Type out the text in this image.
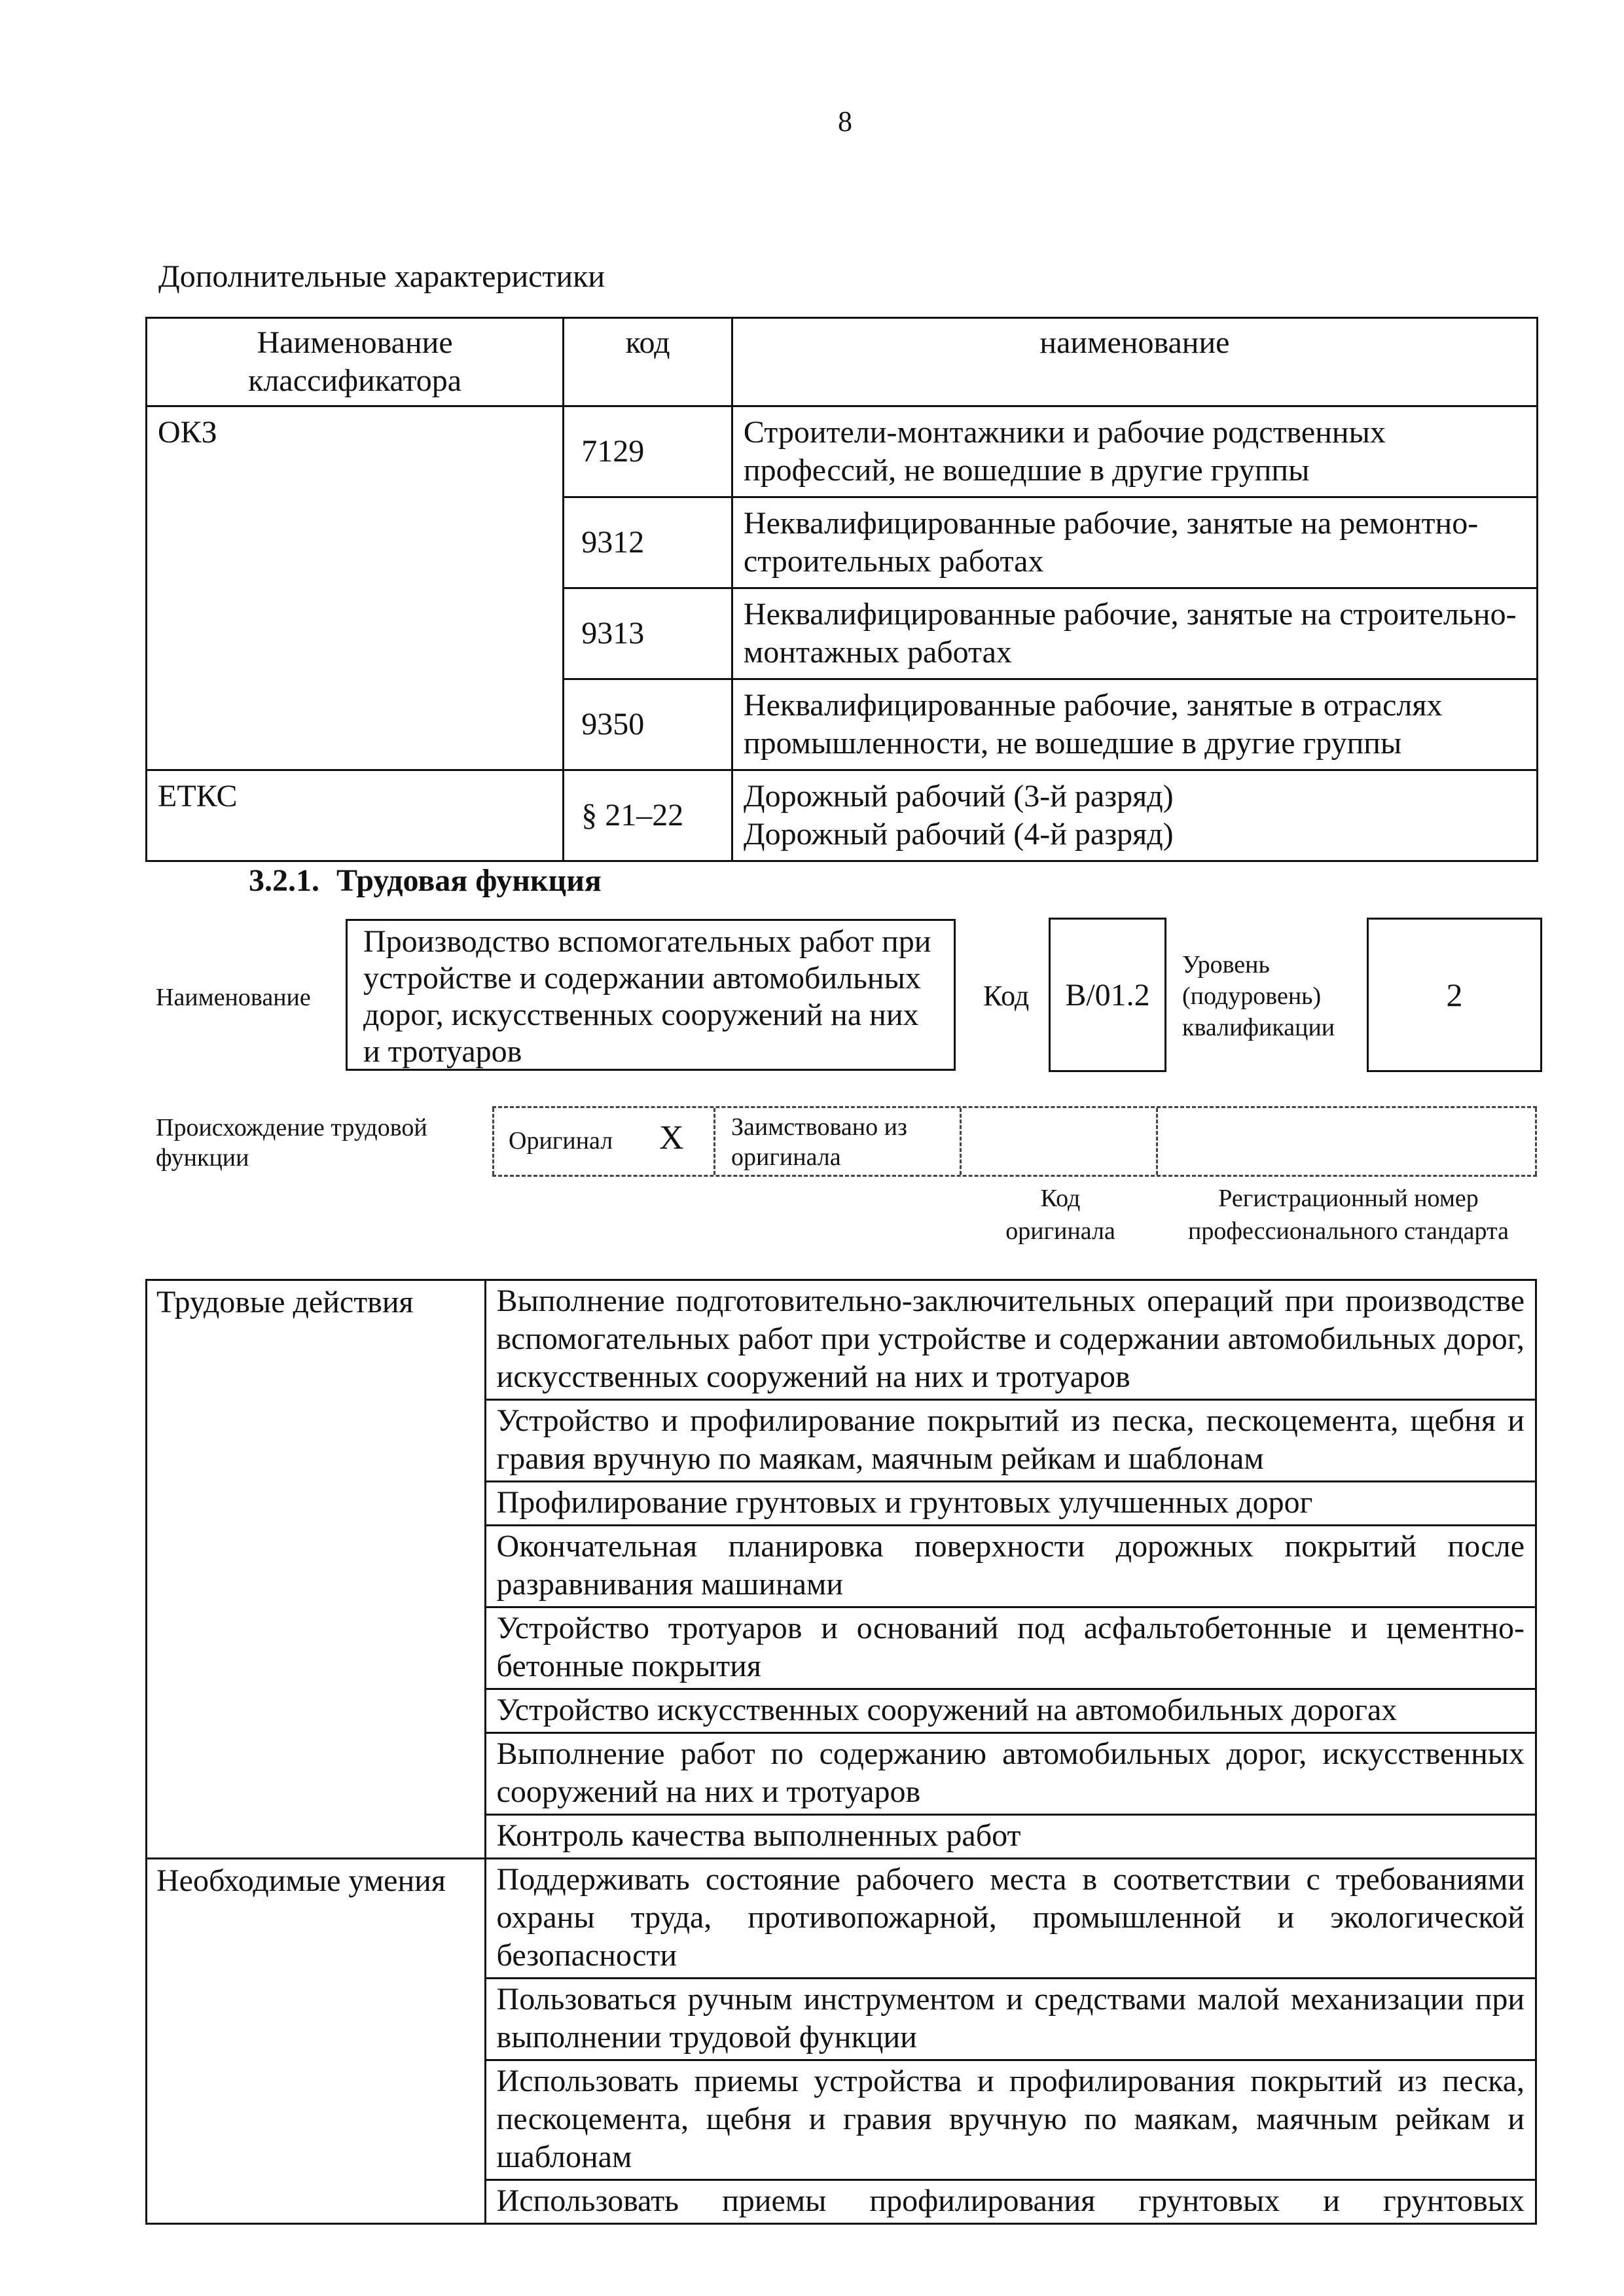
8
Дополнительные характеристики
Наименование классификатора	код	наименование
ОКЗ	7129	Строители-монтажники и рабочие родственных профессий, не вошедшие в другие группы
	9312	Неквалифицированные рабочие, занятые на ремонтно-строительных работах
	9313	Неквалифицированные рабочие, занятые на строительно-монтажных работах
	9350	Неквалифицированные рабочие, занятые в отраслях промышленности, не вошедшие в другие группы
ЕТКС	§ 21–22	Дорожный рабочий (3-й разряд)
Дорожный рабочий (4-й разряд)
3.2.1. Трудовая функция
Наименование
Производство вспомогательных работ при устройстве и содержании автомобильных дорог, искусственных сооружений на них и тротуаров
Код	B/01.2
Уровень
(подуровень)
квалификации
2
Происхождение трудовой
функции
Оригинал X Заимствовано из
оригинала
Код
оригинала
Регистрационный номер
профессионального стандарта
Трудовые действия	Выполнение подготовительно-заключительных операций при производстве вспомогательных работ при устройстве и содержании автомобильных дорог, искусственных сооружений на них и тротуаров
	Устройство и профилирование покрытий из песка, пескоцемента, щебня и гравия вручную по маякам, маячным рейкам и шаблонам
	Профилирование грунтовых и грунтовых улучшенных дорог
	Окончательная планировка поверхности дорожных покрытий после разравнивания машинами
	Устройство тротуаров и оснований под асфальтобетонные и цементно-бетонные покрытия
	Устройство искусственных сооружений на автомобильных дорогах
	Выполнение работ по содержанию автомобильных дорог, искусственных сооружений на них и тротуаров
	Контроль качества выполненных работ
Необходимые умения	Поддерживать состояние рабочего места в соответствии с требованиями охраны труда, противопожарной, промышленной и экологической безопасности
	Пользоваться ручным инструментом и средствами малой механизации при выполнении трудовой функции
	Использовать приемы устройства и профилирования покрытий из песка, пескоцемента, щебня и гравия вручную по маякам, маячным рейкам и шаблонам
	Использовать приемы профилирования грунтовых и грунтовых
